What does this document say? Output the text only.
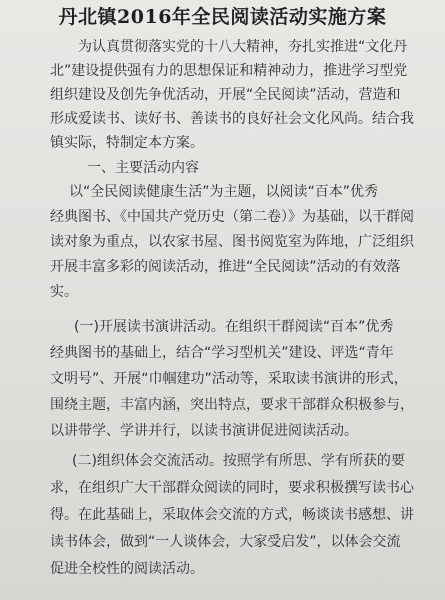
丹北镇2016年全民阅读活动实施方案

为认真贯彻落实党的十八大精神，夯扎实推进“文化丹

北”建设提供强有力的思想保证和精神动力，推进学习型党

组织建设及创先争优活动，开展“全民阅读”活动，营造和

形成爱读书、读好书、善读书的良好社会文化风尚。结合我

镇实际，特制定本方案。

一、主要活动内容

以“全民阅读健康生活”为主题，以阅读“百本”优秀

经典图书、《中国共产党历史（第二卷）》为基础，以干群阅

读对象为重点，以农家书屋、图书阅览室为阵地，广泛组织

开展丰富多彩的阅读活动，推进“全民阅读”活动的有效落

实。

(一)开展读书演讲活动。在组织干群阅读“百本”优秀

经典图书的基础上，结合“学习型机关”建设、评选“青年

文明号”、开展“巾帼建功”活动等，采取读书演讲的形式，

围绕主题，丰富内涵，突出特点，要求干部群众积极参与，

以讲带学、学讲并行，以读书演讲促进阅读活动。

(二)组织体会交流活动。按照学有所思、学有所获的要

求，在组织广大干部群众阅读的同时，要求积极撰写读书心

得。在此基础上，采取体会交流的方式，畅谈读书感想、讲

读书体会，做到“一人谈体会，大家受启发”，以体会交流

促进全校性的阅读活动。
